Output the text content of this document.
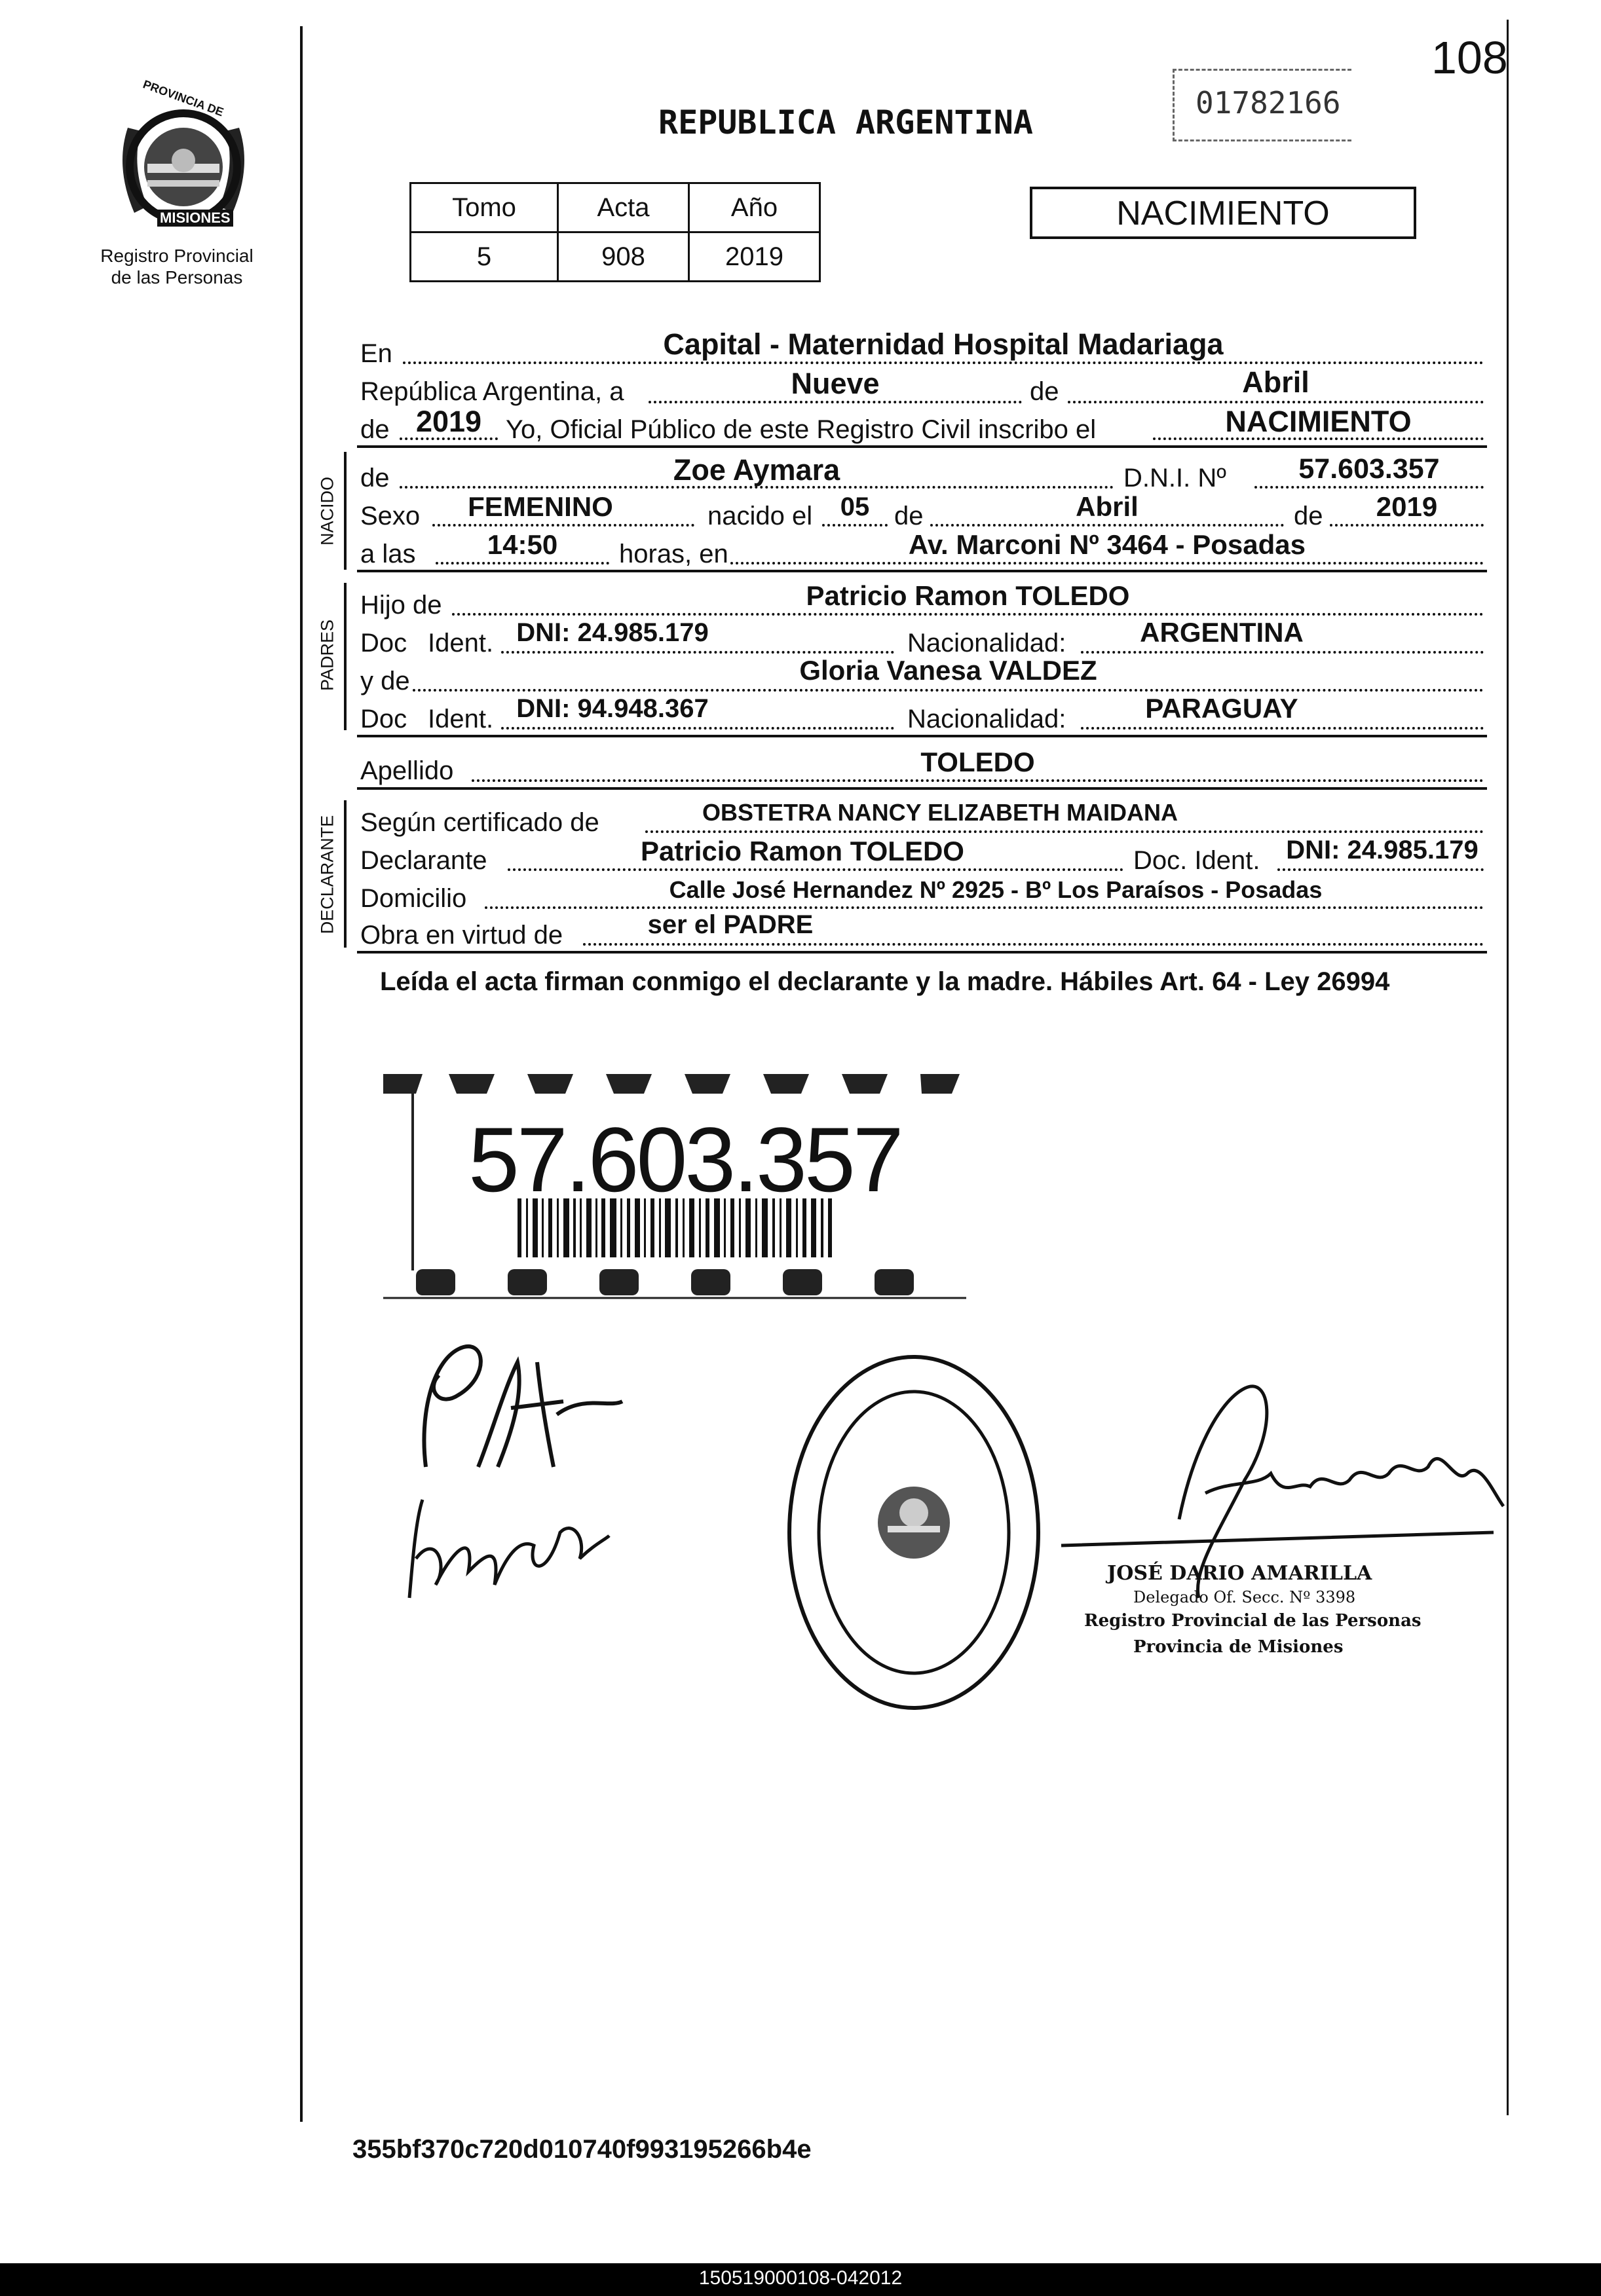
PROVINCIA DE
MISIONES
Registro Provincial
de las Personas
108
REPUBLICA ARGENTINA
01782166
Tomo	Acta	Año
5	908	2019
NACIMIENTO
En	Capital - Maternidad Hospital Madariaga
República Argentina, a	Nueve	de	Abril
de 2019 Yo, Oficial Público de este Registro Civil inscribo el	NACIMIENTO
NACIDO de	Zoe Aymara	D.N.I. Nº	57.603.357
Sexo	FEMENINO	nacido el	05 de	Abril	de	2019
a las	14:50	horas, en	Av. Marconi Nº 3464 - Posadas
PADRES
Hijo de	Patricio Ramon TOLEDO
Doc Ident. DNI: 24.985.179	Nacionalidad:	ARGENTINA
y de	Gloria Vanesa VALDEZ
Doc Ident. DNI: 94.948.367	Nacionalidad:	PARAGUAY
Apellido	TOLEDO
DECLARANTE Según certificado de	OBSTETRA NANCY ELIZABETH MAIDANA
Declarante	Patricio Ramon TOLEDO	Doc. Ident. DNI: 24.985.179
Domicilio	Calle José Hernandez Nº 2925 - Bº Los Paraísos - Posadas
Obra en virtud de	ser el PADRE
Leída el acta firman conmigo el declarante y la madre. Hábiles Art. 64 - Ley 26994
57.603.357
JOSÉ DARIO AMARILLA
Delegado Of. Secc. Nº 3398
Registro Provincial de las Personas
Provincia de Misiones
355bf370c720d010740f993195266b4e
150519000108-042012
